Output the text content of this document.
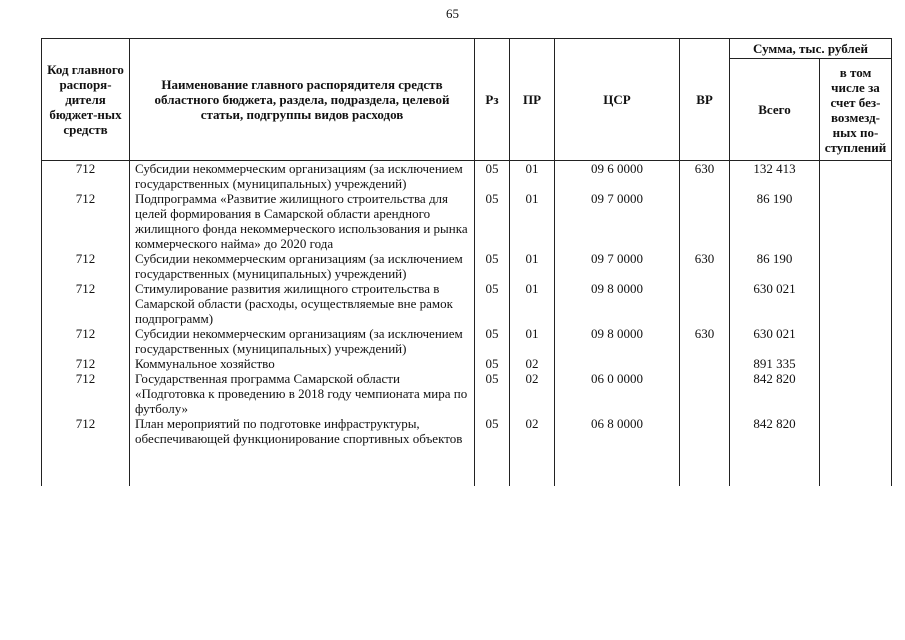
65
Код главного распоря-дителя бюджет-ных средств	Наименование главного распорядителя средств областного бюджета, раздела, подраздела, целевой статьи, подгруппы видов расходов	Рз	ПР	ЦСР	ВР	Сумма, тыс. рублей	
						Всего	в том числе за счет без-возмезд-ных по-ступлений
712	Субсидии некоммерческим организациям (за исключением государственных (муниципальных) учреждений)	05	01	09 6 0000	630	132 413	
712	Подпрограмма «Развитие жилищного строительства для целей формирования в Самарской области арендного жилищного фонда некоммерческого использования и рынка коммерческого найма» до 2020 года	05	01	09 7 0000		86 190	
712	Субсидии некоммерческим организациям (за исключением государственных (муниципальных) учреждений)	05	01	09 7 0000	630	86 190	
712	Стимулирование развития жилищного строительства в Самарской области (расходы, осуществляемые вне рамок подпрограмм)	05	01	09 8 0000		630 021	
712	Субсидии некоммерческим организациям (за исключением государственных (муниципальных) учреждений)	05	01	09 8 0000	630	630 021	
712	Коммунальное хозяйство	05	02			891 335	
712	Государственная программа Самарской области «Подготовка к проведению в 2018 году чемпионата мира по футболу»	05	02	06 0 0000		842 820	
712	План мероприятий по подготовке инфраструктуры, обеспечивающей функционирование спортивных объектов	05	02	06 8 0000		842 820	
